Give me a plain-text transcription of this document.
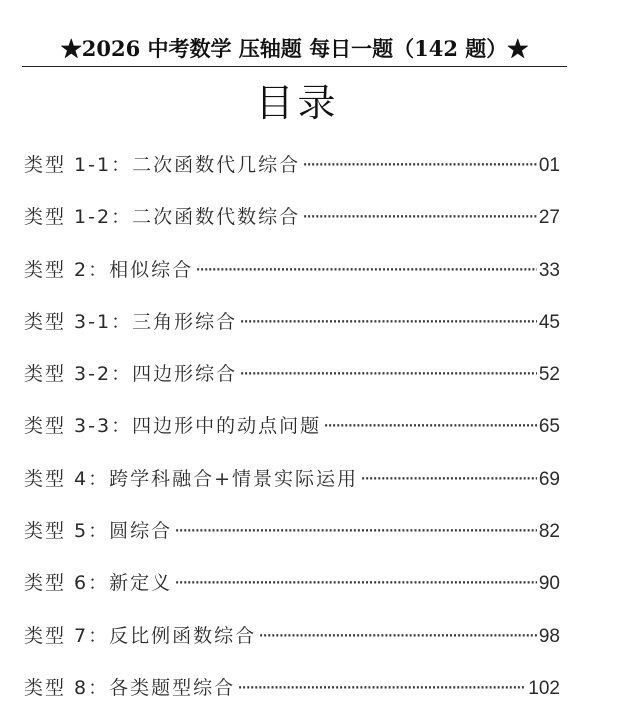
★2026 中考数学 压轴题 每日一题（142 题）★
目录
类型 1-1：二次函数代几综合 ·····	01
类型 1-2：二次函数代数综合 ·····	27
类型 2：相似综合 ·····	33
类型 3-1：三角形综合 ·····	45
类型 3-2：四边形综合 ·····	52
类型 3-3：四边形中的动点问题 ·····	65
类型 4：跨学科融合+情景实际运用 ·····	69
类型 5：圆综合 ·····	82
类型 6：新定义 ·····	90
类型 7：反比例函数综合 ·····	98
类型 8：各类题型综合 ·····	102
